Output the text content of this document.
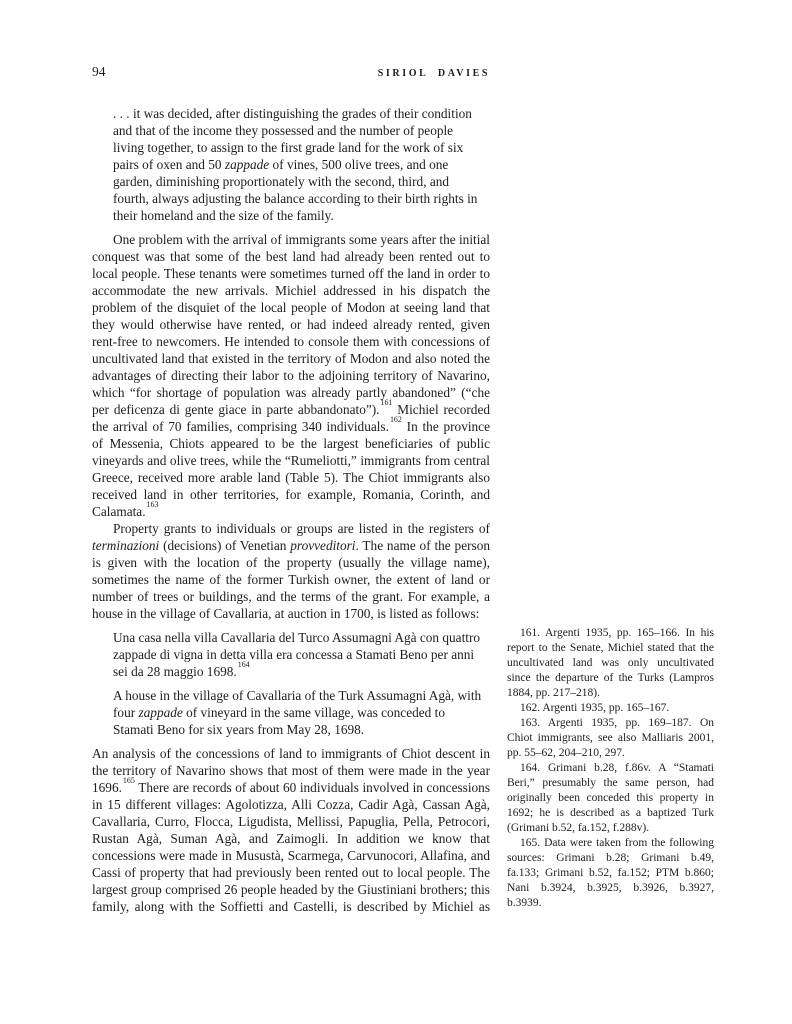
94	SIRIOL DAVIES
. . . it was decided, after distinguishing the grades of their condition and that of the income they possessed and the number of people living together, to assign to the first grade land for the work of six pairs of oxen and 50 zappade of vines, 500 olive trees, and one garden, diminishing proportionately with the second, third, and fourth, always adjusting the balance according to their birth rights in their homeland and the size of the family.

One problem with the arrival of immigrants some years after the initial conquest was that some of the best land had already been rented out to local people. These tenants were sometimes turned off the land in order to accommodate the new arrivals. Michiel addressed in his dispatch the problem of the disquiet of the local people of Modon at seeing land that they would otherwise have rented, or had indeed already rented, given rent-free to newcomers. He intended to console them with concessions of uncultivated land that existed in the territory of Modon and also noted the advantages of directing their labor to the adjoining territory of Navarino, which “for shortage of population was already partly abandoned” (“che per deficenza di gente giace in parte abbandonato”).$^{161}$ Michiel recorded the arrival of 70 families, comprising 340 individuals.$^{162}$ In the province of Messenia, Chiots appeared to be the largest beneficiaries of public vineyards and olive trees, while the “Rumeliotti,” immigrants from central Greece, received more arable land (Table 5). The Chiot immigrants also received land in other territories, for example, Romania, Corinth, and Calamata.$^{163}$

Property grants to individuals or groups are listed in the registers of terminazioni (decisions) of Venetian provveditori. The name of the person is given with the location of the property (usually the village name), sometimes the name of the former Turkish owner, the extent of land or number of trees or buildings, and the terms of the grant. For example, a house in the village of Cavallaria, at auction in 1700, is listed as follows:

Una casa nella villa Cavallaria del Turco Assumagni Agà con quattro zappade di vigna in detta villa era concessa a Stamati Beno per anni sei da 28 maggio 1698.$^{164}$
A house in the village of Cavallaria of the Turk Assumagni Agà, with four zappade of vineyard in the same village, was conceded to Stamati Beno for six years from May 28, 1698.

An analysis of the concessions of land to immigrants of Chiot descent in the territory of Navarino shows that most of them were made in the year 1696.$^{165}$ There are records of about 60 individuals involved in concessions in 15 different villages: Agolotizza, Alli Cozza, Cadir Agà, Cassan Agà, Cavallaria, Curro, Flocca, Ligudista, Mellissi, Papuglia, Pella, Petrocori, Rustan Agà, Suman Agà, and Zaimogli. In addition we know that concessions were made in Musustà, Scarmega, Carvunocori, Allafina, and Cassi of property that had previously been rented out to local people. The largest group comprised 26 people headed by the Giustiniani brothers; this family, along with the Soffietti and Castelli, is described by Michiel as

161. Argenti 1935, pp. 165–166. In his report to the Senate, Michiel stated that the uncultivated land was only uncultivated since the departure of the Turks (Lampros 1884, pp. 217–218).

162. Argenti 1935, pp. 165–167.

163. Argenti 1935, pp. 169–187. On Chiot immigrants, see also Malliaris 2001, pp. 55–62, 204–210, 297.

164. Grimani b.28, f.86v. A “Stamati Beri,” presumably the same person, had originally been conceded this property in 1692; he is described as a baptized Turk (Grimani b.52, fa.152, f.288v).

165. Data were taken from the following sources: Grimani b.28; Grimani b.49, fa.133; Grimani b.52, fa.152; PTM b.860; Nani b.3924, b.3925, b.3926, b.3927, b.3939.
